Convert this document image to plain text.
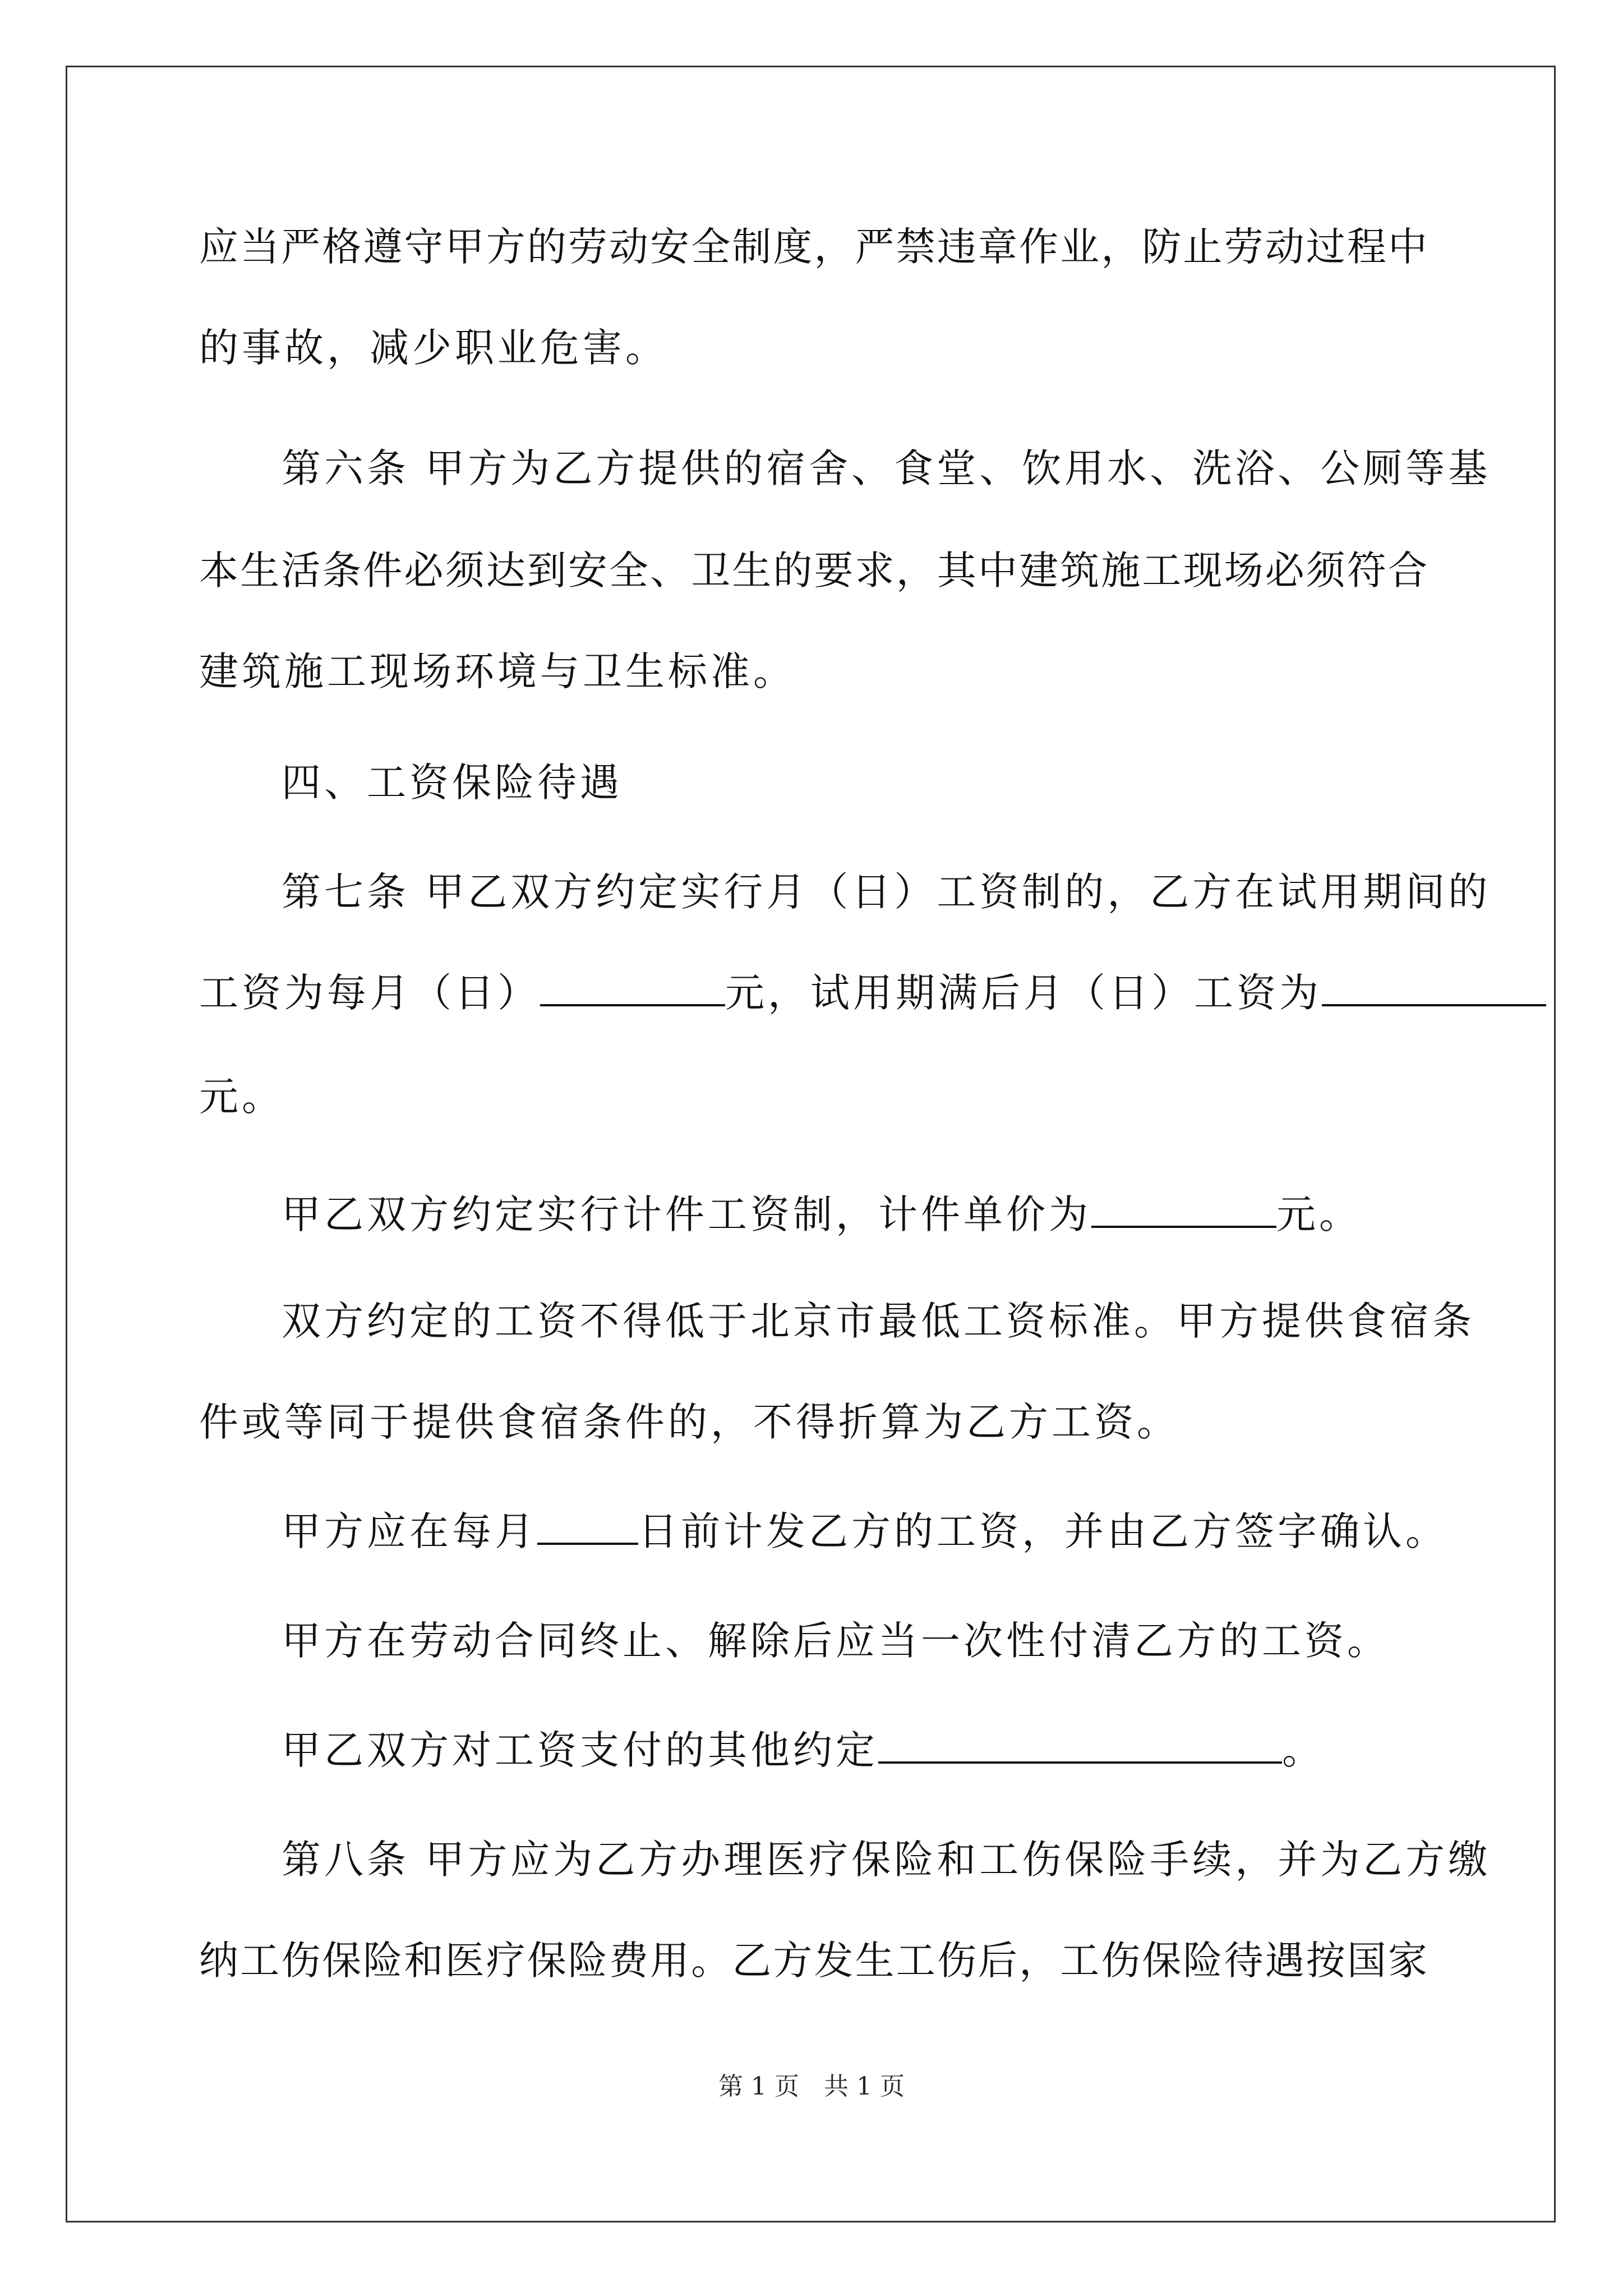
应当严格遵守甲方的劳动安全制度，严禁违章作业，防止劳动过程中
的事故，减少职业危害。
第六条 甲方为乙方提供的宿舍、食堂、饮用水、洗浴、公厕等基
本生活条件必须达到安全、卫生的要求，其中建筑施工现场必须符合
建筑施工现场环境与卫生标准。
四、工资保险待遇
第七条 甲乙双方约定实行月（日）工资制的，乙方在试用期间的
工资为每月（日）	元，试用期满后月（日）工资为
元。
甲乙双方约定实行计件工资制，计件单价为	元。
双方约定的工资不得低于北京市最低工资标准。甲方提供食宿条
件或等同于提供食宿条件的，不得折算为乙方工资。
甲方应在每月	日前计发乙方的工资，并由乙方签字确认。
甲方在劳动合同终止、解除后应当一次性付清乙方的工资。
甲乙双方对工资支付的其他约定	。
第八条 甲方应为乙方办理医疗保险和工伤保险手续，并为乙方缴
纳工伤保险和医疗保险费用。乙方发生工伤后，工伤保险待遇按国家
第 1 页　共 1 页
